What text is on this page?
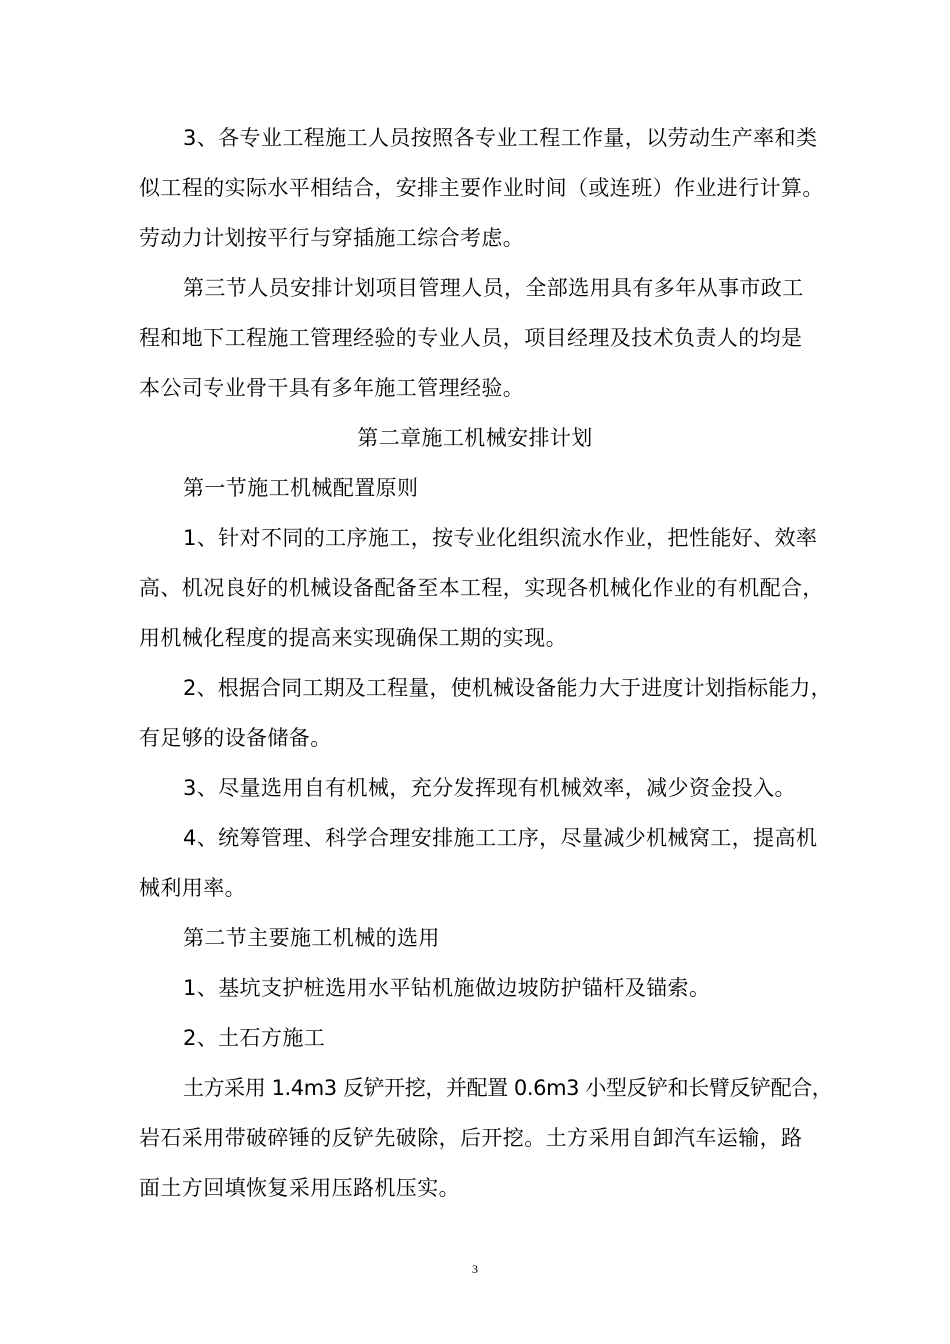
3、各专业工程施工人员按照各专业工程工作量，以劳动生产率和类
似工程的实际水平相结合，安排主要作业时间（或连班）作业进行计算。
劳动力计划按平行与穿插施工综合考虑。
第三节人员安排计划项目管理人员，全部选用具有多年从事市政工
程和地下工程施工管理经验的专业人员，项目经理及技术负责人的均是
本公司专业骨干具有多年施工管理经验。
第二章施工机械安排计划
第一节施工机械配置原则
1、针对不同的工序施工，按专业化组织流水作业，把性能好、效率
高、机况良好的机械设备配备至本工程，实现各机械化作业的有机配合，
用机械化程度的提高来实现确保工期的实现。
2、根据合同工期及工程量，使机械设备能力大于进度计划指标能力，
有足够的设备储备。
3、尽量选用自有机械，充分发挥现有机械效率，减少资金投入。
4、统筹管理、科学合理安排施工工序，尽量减少机械窝工，提高机
械利用率。
第二节主要施工机械的选用
1、基坑支护桩选用水平钻机施做边坡防护锚杆及锚索。
2、土石方施工
土方采用 1.4m3 反铲开挖，并配置 0.6m3 小型反铲和长臂反铲配合，
岩石采用带破碎锤的反铲先破除，后开挖。土方采用自卸汽车运输，路
面土方回填恢复采用压路机压实。
3
